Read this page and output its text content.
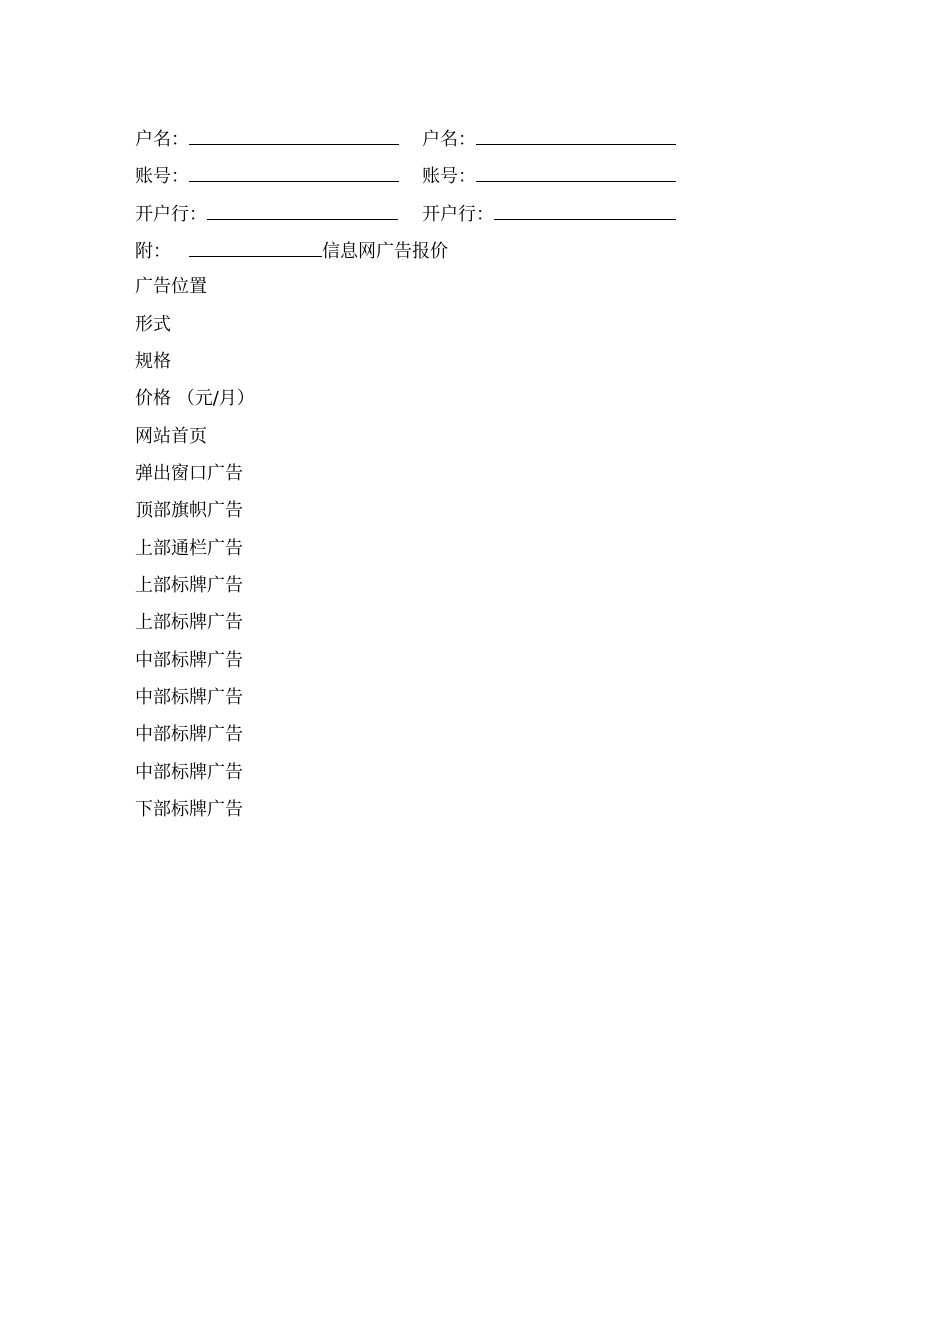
户名：	户名：
账号：	账号：
开户行：	开户行：
附：	信息网广告报价
广告位置
形式
规格
价格 （元/月）
网站首页
弹出窗口广告
顶部旗帜广告
上部通栏广告
上部标牌广告
上部标牌广告
中部标牌广告
中部标牌广告
中部标牌广告
中部标牌广告
下部标牌广告
